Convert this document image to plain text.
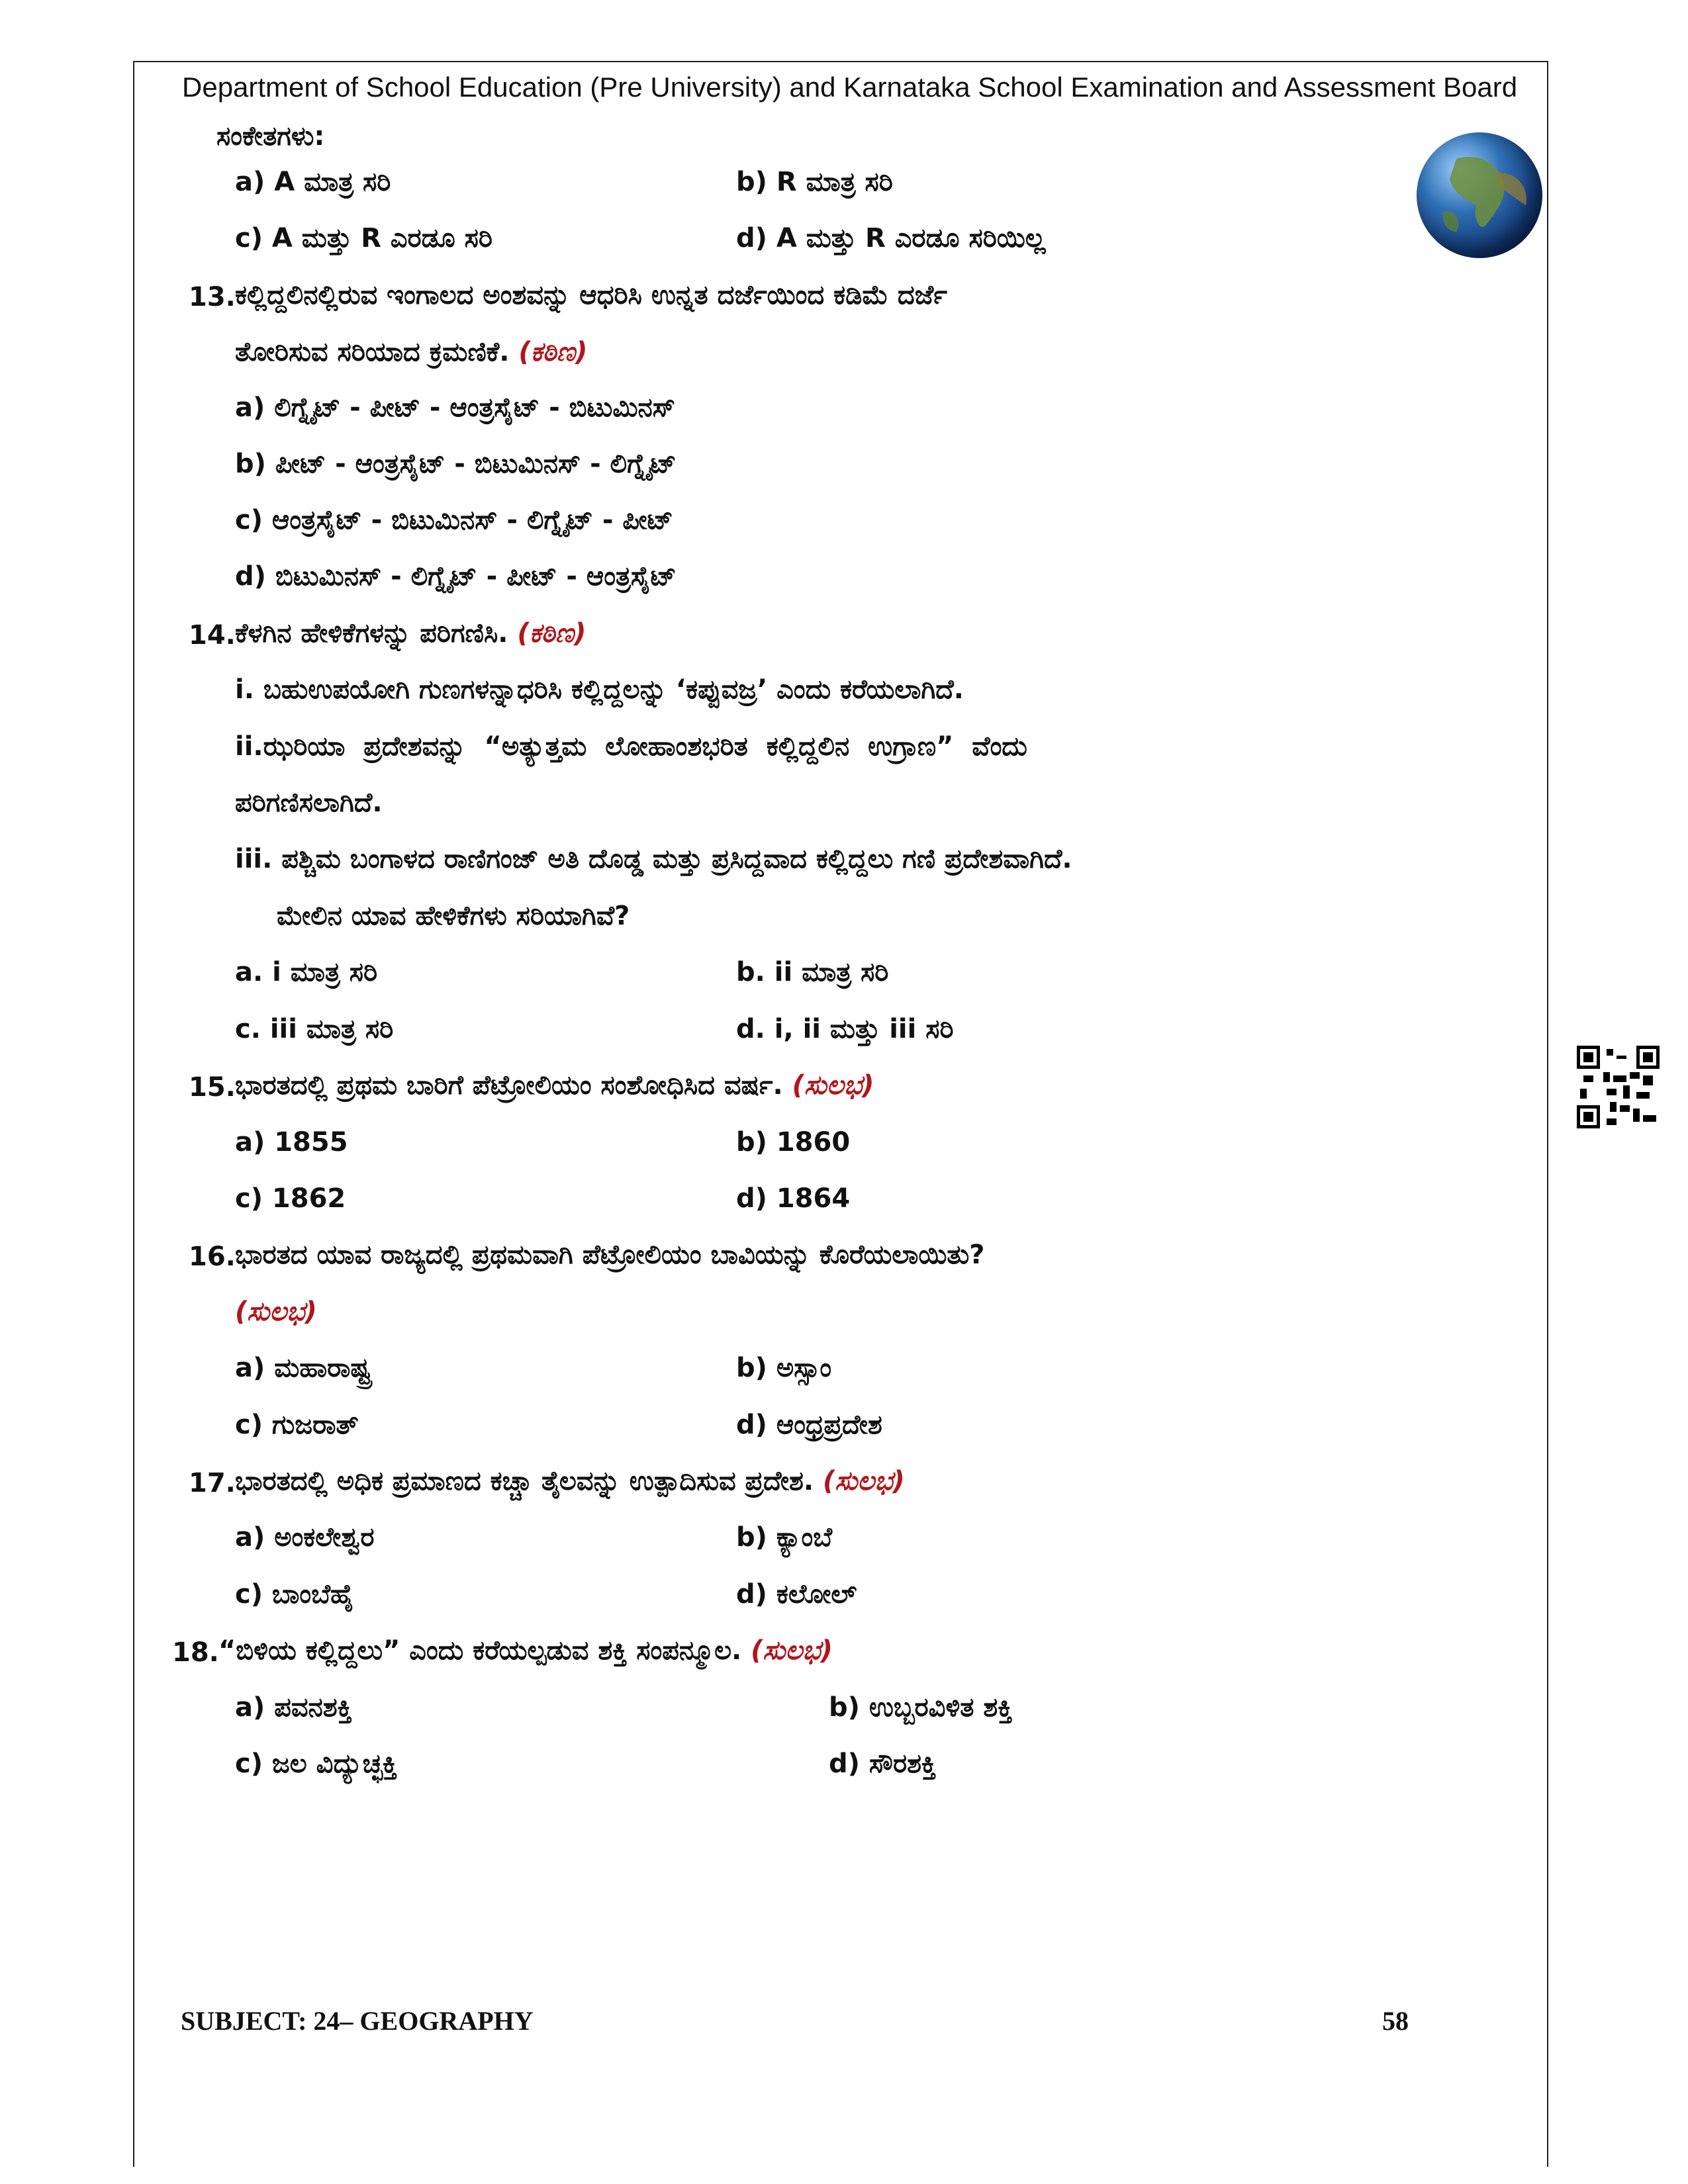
Department of School Education (Pre University) and Karnataka School Examination and Assessment Board
ಸಂಕೇತಗಳು:
a) A ಮಾತ್ರ ಸರಿ	b) R ಮಾತ್ರ ಸರಿ
c) A ಮತ್ತು R ಎರಡೂ ಸರಿ	d) A ಮತ್ತು R ಎರಡೂ ಸರಿಯಿಲ್ಲ
13. ಕಲ್ಲಿದ್ದಲಿನಲ್ಲಿರುವ ಇಂಗಾಲದ ಅಂಶವನ್ನು ಆಧರಿಸಿ ಉನ್ನತ ದರ್ಜೆಯಿಂದ ಕಡಿಮೆ ದರ್ಜೆ
ತೋರಿಸುವ ಸರಿಯಾದ ಕ್ರಮಣಿಕೆ. (ಕಠಿಣ)
a) ಲಿಗ್ನೈಟ್ - ಪೀಟ್ - ಆಂತ್ರಸೈಟ್ - ಬಿಟುಮಿನಸ್
b) ಪೀಟ್ - ಆಂತ್ರಸೈಟ್ - ಬಿಟುಮಿನಸ್ - ಲಿಗ್ನೈಟ್
c) ಆಂತ್ರಸೈಟ್ - ಬಿಟುಮಿನಸ್ - ಲಿಗ್ನೈಟ್ - ಪೀಟ್
d) ಬಿಟುಮಿನಸ್ - ಲಿಗ್ನೈಟ್ - ಪೀಟ್ - ಆಂತ್ರಸೈಟ್
14. ಕೆಳಗಿನ ಹೇಳಿಕೆಗಳನ್ನು ಪರಿಗಣಿಸಿ. (ಕಠಿಣ)
i. ಬಹುಉಪಯೋಗಿ ಗುಣಗಳನ್ನಾಧರಿಸಿ ಕಲ್ಲಿದ್ದಲನ್ನು ‘ಕಪ್ಪುವಜ್ರ’ ಎಂದು ಕರೆಯಲಾಗಿದೆ.
ii.ಝರಿಯಾ ಪ್ರದೇಶವನ್ನು “ಅತ್ಯುತ್ತಮ ಲೋಹಾಂಶಭರಿತ ಕಲ್ಲಿದ್ದಲಿನ ಉಗ್ರಾಣ” ವೆಂದು
ಪರಿಗಣಿಸಲಾಗಿದೆ.
iii. ಪಶ್ಚಿಮ ಬಂಗಾಳದ ರಾಣಿಗಂಜ್ ಅತಿ ದೊಡ್ಡ ಮತ್ತು ಪ್ರಸಿದ್ದವಾದ ಕಲ್ಲಿದ್ದಲು ಗಣಿ ಪ್ರದೇಶವಾಗಿದೆ.
ಮೇಲಿನ ಯಾವ ಹೇಳಿಕೆಗಳು ಸರಿಯಾಗಿವೆ?
a. i ಮಾತ್ರ ಸರಿ	b. ii ಮಾತ್ರ ಸರಿ
c. iii ಮಾತ್ರ ಸರಿ	d. i, ii ಮತ್ತು iii ಸರಿ
15. ಭಾರತದಲ್ಲಿ ಪ್ರಥಮ ಬಾರಿಗೆ ಪೆಟ್ರೋಲಿಯಂ ಸಂಶೋಧಿಸಿದ ವರ್ಷ. (ಸುಲಭ)
a) 1855	b) 1860
c) 1862	d) 1864
16. ಭಾರತದ ಯಾವ ರಾಜ್ಯದಲ್ಲಿ ಪ್ರಥಮವಾಗಿ ಪೆಟ್ರೋಲಿಯಂ ಬಾವಿಯನ್ನು ಕೊರೆಯಲಾಯಿತು?
(ಸುಲಭ)
a) ಮಹಾರಾಷ್ಟ್ರ	b) ಅಸ್ಸಾಂ
c) ಗುಜರಾತ್	d) ಆಂಧ್ರಪ್ರದೇಶ
17. ಭಾರತದಲ್ಲಿ ಅಧಿಕ ಪ್ರಮಾಣದ ಕಚ್ಚಾ ತೈಲವನ್ನು ಉತ್ಪಾದಿಸುವ ಪ್ರದೇಶ. (ಸುಲಭ)
a) ಅಂಕಲೇಶ್ವರ	b) ಕ್ಯಾಂಬೆ
c) ಬಾಂಬೆಹೈ	d) ಕಲೋಲ್
18. “ಬಿಳಿಯ ಕಲ್ಲಿದ್ದಲು” ಎಂದು ಕರೆಯಲ್ಪಡುವ ಶಕ್ತಿ ಸಂಪನ್ಮೂಲ. (ಸುಲಭ)
a) ಪವನಶಕ್ತಿ	b) ಉಬ್ಬರವಿಳಿತ ಶಕ್ತಿ
c) ಜಲ ವಿದ್ಯುಚ್ಛಕ್ತಿ	d) ಸೌರಶಕ್ತಿ
SUBJECT: 24– GEOGRAPHY	58
